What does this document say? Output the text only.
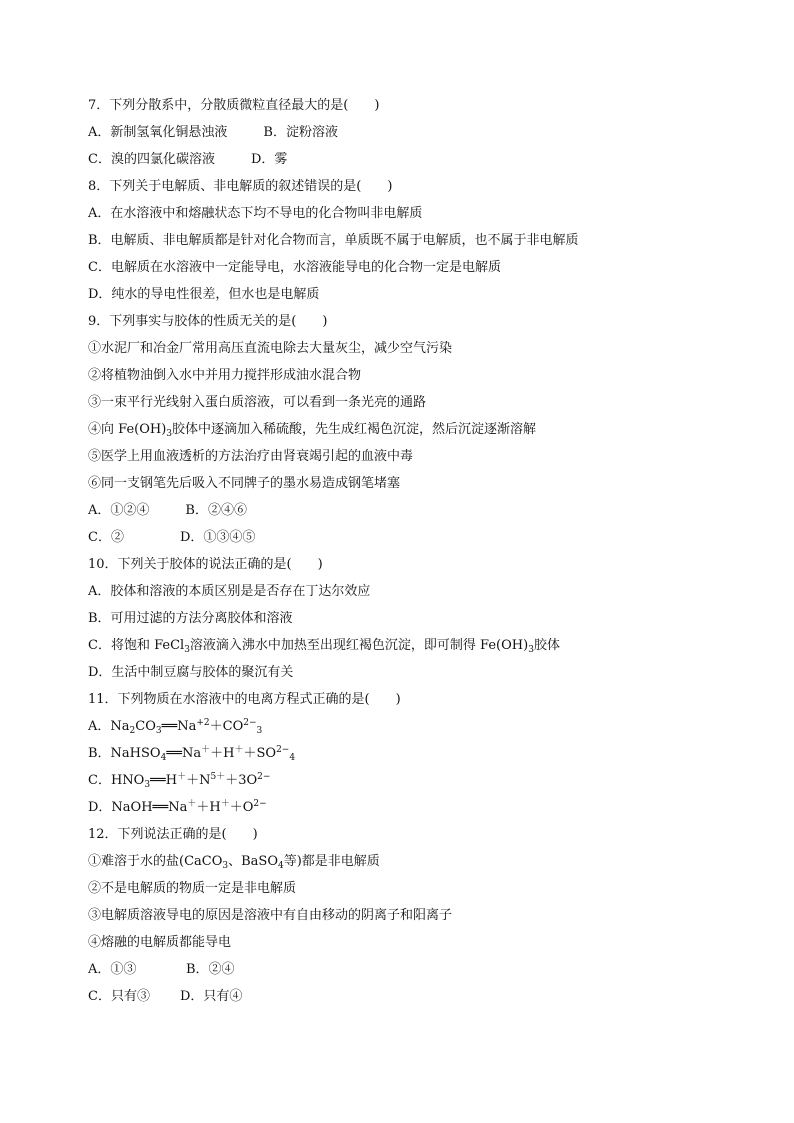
7．下列分散系中，分散质微粒直径最大的是(　　)
A．新制氢氧化铜悬浊液	B．淀粉溶液
C．溴的四氯化碳溶液	D．雾
8．下列关于电解质、非电解质的叙述错误的是(　　)
A．在水溶液中和熔融状态下均不导电的化合物叫非电解质
B．电解质、非电解质都是针对化合物而言，单质既不属于电解质，也不属于非电解质
C．电解质在水溶液中一定能导电，水溶液能导电的化合物一定是电解质
D．纯水的导电性很差，但水也是电解质
9．下列事实与胶体的性质无关的是(　　)
①水泥厂和冶金厂常用高压直流电除去大量灰尘，减少空气污染
②将植物油倒入水中并用力搅拌形成油水混合物
③一束平行光线射入蛋白质溶液，可以看到一条光亮的通路
④向 $Fe(OH)_3$胶体中逐滴加入稀硫酸，先生成红褐色沉淀，然后沉淀逐渐溶解
⑤医学上用血液透析的方法治疗由肾衰竭引起的血液中毒
⑥同一支钢笔先后吸入不同牌子的墨水易造成钢笔堵塞
A．①②④	B．②④⑥
C．②	D．①③④⑤
10．下列关于胶体的说法正确的是(　　)
A．胶体和溶液的本质区别是是否存在丁达尔效应
B．可用过滤的方法分离胶体和溶液
C．将饱和 FeCl$_3$溶液滴入沸水中加热至出现红褐色沉淀，即可制得 $Fe(OH)_3$胶体
D．生活中制豆腐与胶体的聚沉有关
11．下列物质在水溶液中的电离方程式正确的是(　　)
A．$Na_2CO_3══Na^{+2}+CO^{2-}_3$
B．$NaHSO_4══Na^++H^++SO^{2-}_4$
C．$HNO_3══H^++N^{5+}+3O^{2-}$
D．$NaOH══Na^++H^++O^{2-}$
12．下列说法正确的是(　　)
①难溶于水的盐(CaCO$_3$、BaSO$_4$等)都是非电解质
②不是电解质的物质一定是非电解质
③电解质溶液导电的原因是溶液中有自由移动的阴离子和阳离子
④熔融的电解质都能导电
A．①③	B．②④
C．只有③ D．只有④
